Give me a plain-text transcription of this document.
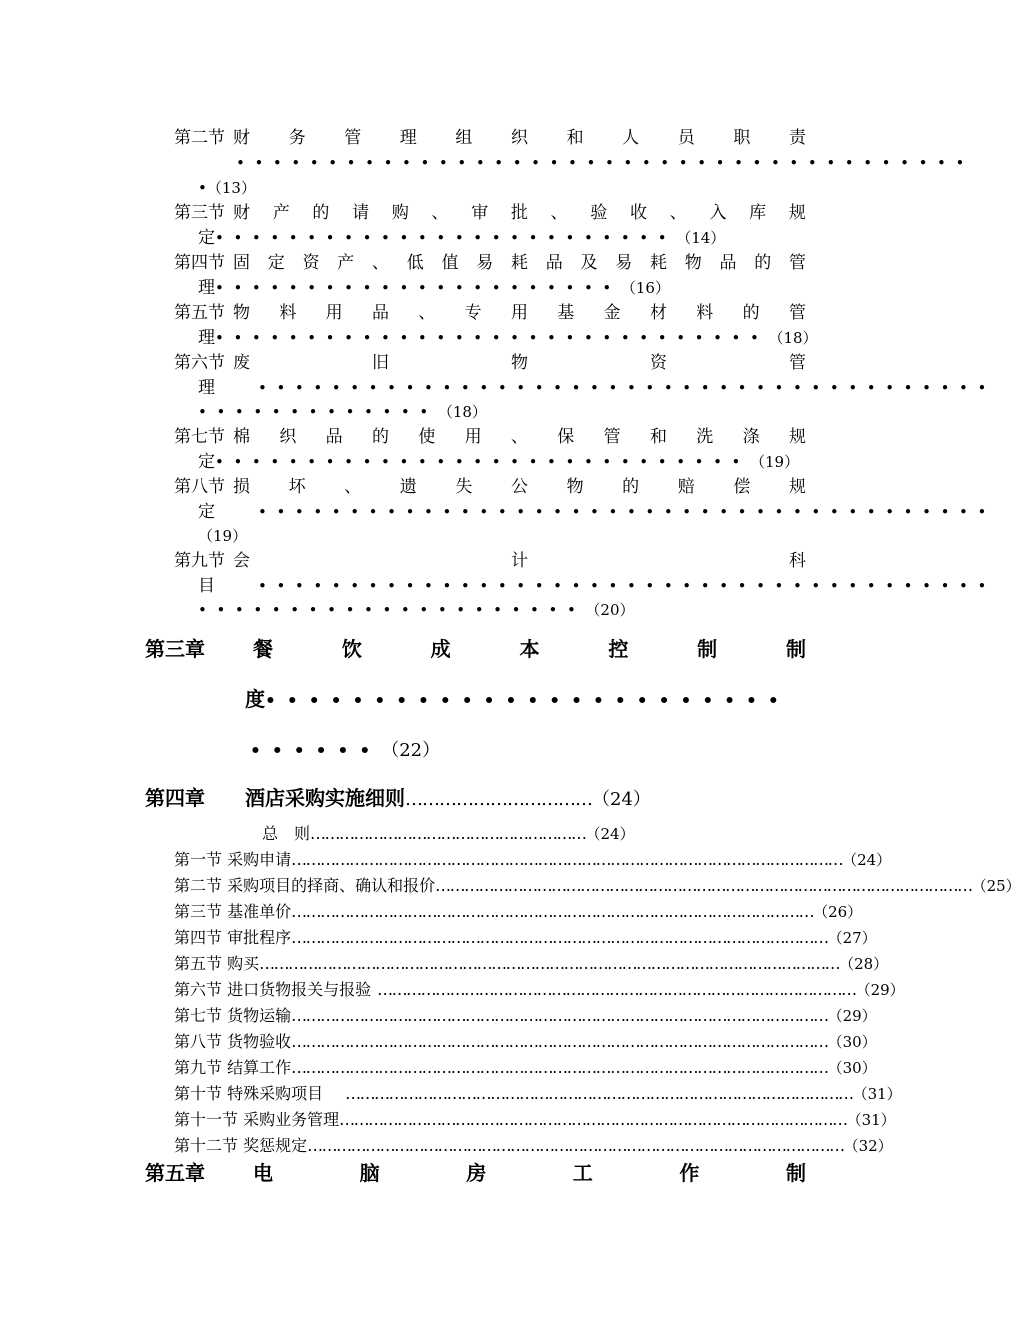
第二节 财 务 管 理 组 织 和 人 员 职 责
••••••••••••••••••••••••••••••••••••••••
•（13）
第三节 财 产 的 请 购 、 审 批 、 验 收 、 入 库 规
定•••••••••••••••••••••••••（14）
第四节 固 定 资 产 、 低 值 易 耗 品 及 易 耗 物 品 的 管
理••••••••••••••••••••••（16）
第五节 物 料 用 品 、 专 用 基 金 材 料 的 管
理••••••••••••••••••••••••••••••（18）
第六节 废	旧	物	资	管
理	••••••••••••••••••••••••••••••••••••••••
•••••••••••••（18）
第七节 棉 织 品 的 使 用 、 保 管 和 洗 涤 规
定•••••••••••••••••••••••••••••（19）
第八节 损 坏 、 遗 失 公 物 的 赔 偿 规
定	••••••••••••••••••••••••••••••••••••••••
（19）
第九节 会	计	科
目	••••••••••••••••••••••••••••••••••••••••
•••••••••••••••••••••（20）
第三章	餐	饮	成	本	控	制	制
度••••••••••••••••••••••••
••••••（22）
第四章 酒店采购实施细则……………………………（24）
总　则…………………………………………………（24）
第一节 采购申请……………………………………………………………………………………………………（24）
第二节 采购项目的择商、确认和报价…………………………………………………………………………………………………（25）
第三节 基准单价………………………………………………………………………………………………（26）
第四节 审批程序…………………………………………………………………………………………………（27）
第五节 购买…………………………………………………………………………………………………………（28）
第六节 进口货物报关与报验 ………………………………………………………………………………………（29）
第七节 货物运输…………………………………………………………………………………………………（29）
第八节 货物验收…………………………………………………………………………………………………（30）
第九节 结算工作…………………………………………………………………………………………………（30）
第十节 特殊采购项目 ……………………………………………………………………………………………（31）
第十一节 采购业务管理……………………………………………………………………………………………（31）
第十二节 奖惩规定…………………………………………………………………………………………………（32）
第五章	电	脑	房	工	作	制
